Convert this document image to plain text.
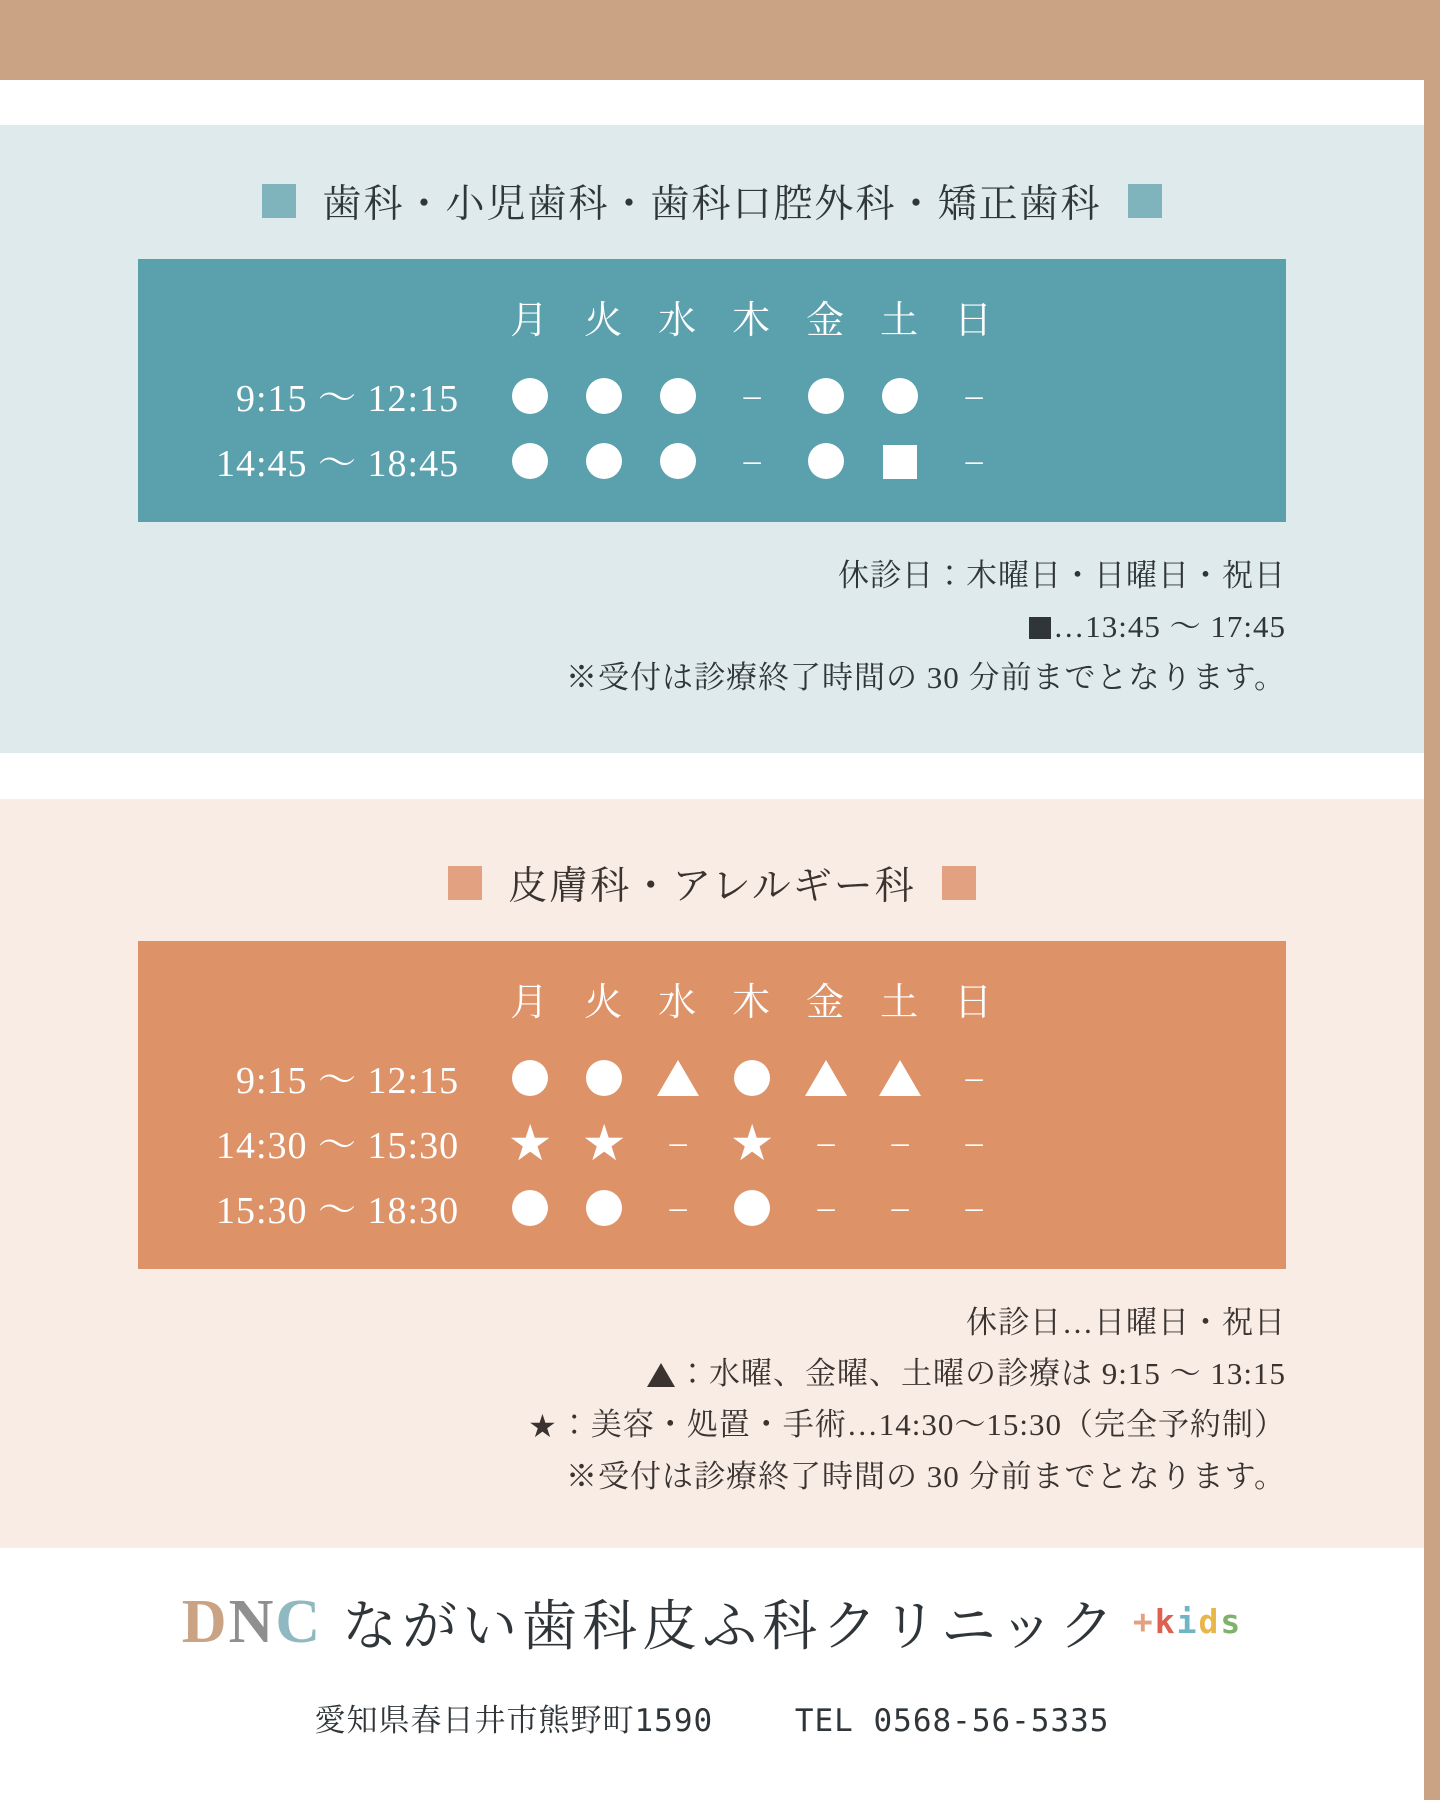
歯科・小児歯科・歯科口腔外科・矯正歯科
	月	火	水	木	金	土	日
9:15 〜 12:15				–			–
14:45 〜 18:45				–			–
休診日：木曜日・日曜日・祝日
…13:45 〜 17:45
※受付は診療終了時間の 30 分前までとなります。
皮膚科・アレルギー科
	月	火	水	木	金	土	日
9:15 〜 12:15							–
14:30 〜 15:30	★	★	–	★	–	–	–
15:30 〜 18:30			–		–	–	–
休診日…日曜日・祝日
：水曜、金曜、土曜の診療は 9:15 〜 13:15
★：美容・処置・手術…14:30〜15:30（完全予約制）
※受付は診療終了時間の 30 分前までとなります。
D N C ながい歯科皮ふ科クリニック +kids
愛知県春日井市熊野町1590	TEL 0568-56-5335
